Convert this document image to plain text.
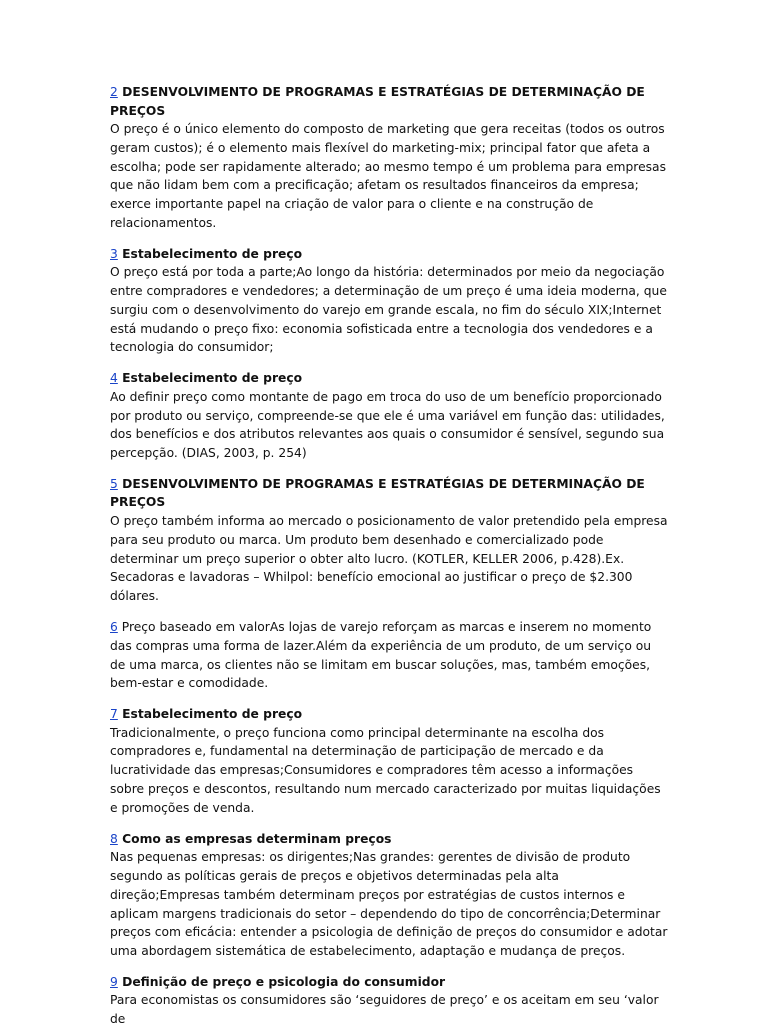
2 DESENVOLVIMENTO DE PROGRAMAS E ESTRATÉGIAS DE DETERMINAÇÃO DE PREÇOS

O preço é o único elemento do composto de marketing que gera receitas (todos os outros geram custos); é o elemento mais flexível do marketing-mix; principal fator que afeta a escolha; pode ser rapidamente alterado; ao mesmo tempo é um problema para empresas que não lidam bem com a precificação; afetam os resultados financeiros da empresa; exerce importante papel na criação de valor para o cliente e na construção de relacionamentos.

3 Estabelecimento de preço

O preço está por toda a parte;Ao longo da história: determinados por meio da negociação entre compradores e vendedores; a determinação de um preço é uma ideia moderna, que surgiu com o desenvolvimento do varejo em grande escala, no fim do século XIX;Internet está mudando o preço fixo: economia sofisticada entre a tecnologia dos vendedores e a tecnologia do consumidor;

4 Estabelecimento de preço

Ao definir preço como montante de pago em troca do uso de um benefício proporcionado por produto ou serviço, compreende-se que ele é uma variável em função das: utilidades, dos benefícios e dos atributos relevantes aos quais o consumidor é sensível, segundo sua percepção. (DIAS, 2003, p. 254)

5 DESENVOLVIMENTO DE PROGRAMAS E ESTRATÉGIAS DE DETERMINAÇÃO DE PREÇOS

O preço também informa ao mercado o posicionamento de valor pretendido pela empresa para seu produto ou marca. Um produto bem desenhado e comercializado pode determinar um preço superior o obter alto lucro. (KOTLER, KELLER 2006, p.428).Ex. Secadoras e lavadoras – Whilpol: benefício emocional ao justificar o preço de $2.300 dólares.

6 Preço baseado em valorAs lojas de varejo reforçam as marcas e inserem no momento das compras uma forma de lazer.Além da experiência de um produto, de um serviço ou de uma marca, os clientes não se limitam em buscar soluções, mas, também emoções, bem-estar e comodidade.

7 Estabelecimento de preço

Tradicionalmente, o preço funciona como principal determinante na escolha dos compradores e, fundamental na determinação de participação de mercado e da lucratividade das empresas;Consumidores e compradores têm acesso a informações sobre preços e descontos, resultando num mercado caracterizado por muitas liquidações e promoções de venda.

8 Como as empresas determinam preços

Nas pequenas empresas: os dirigentes;Nas grandes: gerentes de divisão de produto segundo as políticas gerais de preços e objetivos determinadas pela alta direção;Empresas também determinam preços por estratégias de custos internos e aplicam margens tradicionais do setor – dependendo do tipo de concorrência;Determinar preços com eficácia: entender a psicologia de definição de preços do consumidor e adotar uma abordagem sistemática de estabelecimento, adaptação e mudança de preços.

9 Definição de preço e psicologia do consumidor

Para economistas os consumidores são ‘seguidores de preço’ e os aceitam em seu ‘valor de
